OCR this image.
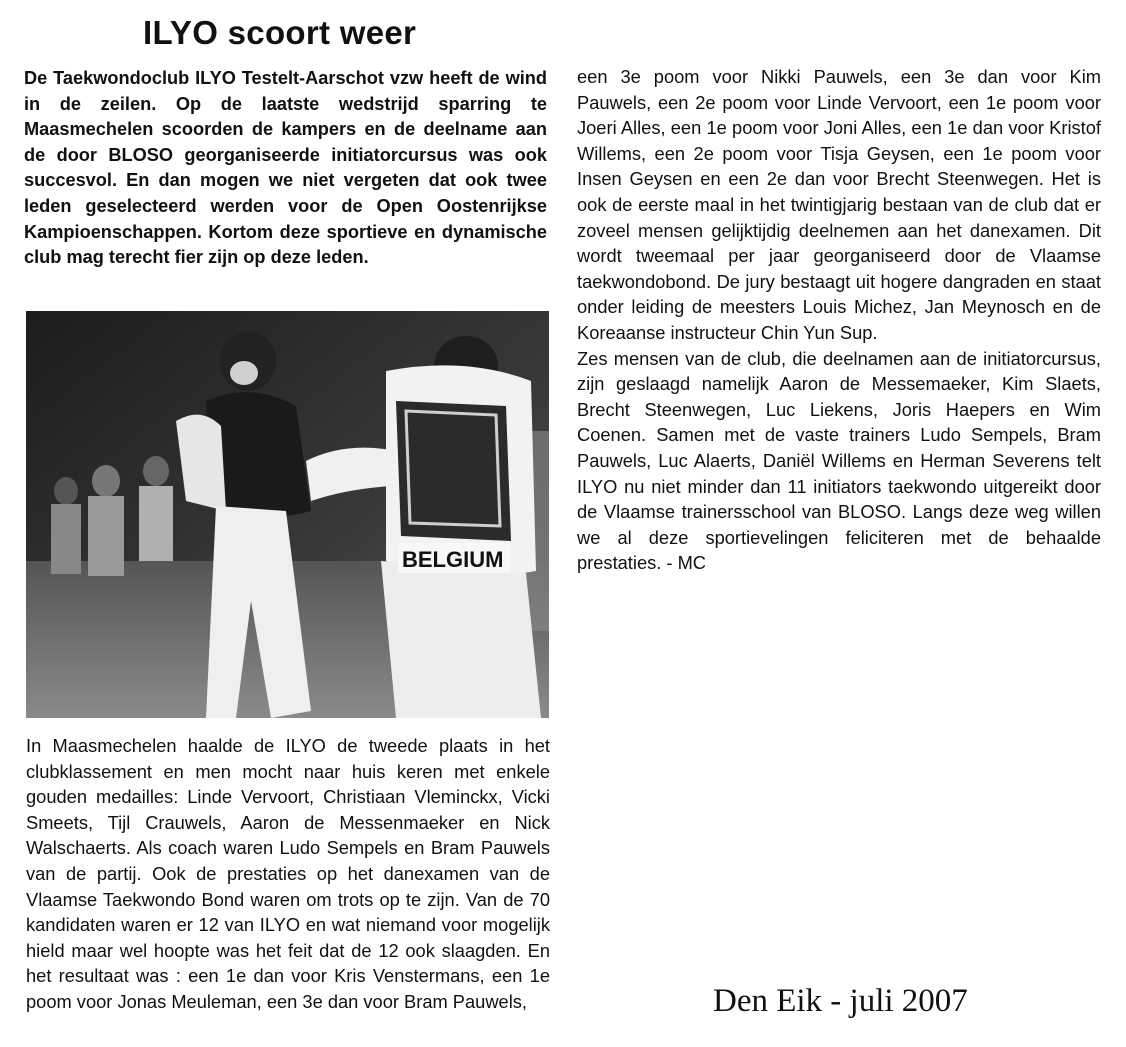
ILYO scoort weer

De Taekwondoclub ILYO Testelt-Aarschot vzw heeft de wind in de zeilen. Op de laatste wedstrijd sparring te Maasmechelen scoorden de kampers en de deelname aan de door BLOSO georganiseerde initiatorcursus was ook succesvol. En dan mogen we niet vergeten dat ook twee leden geselecteerd werden voor de Open Oostenrijkse Kampioenschappen. Kortom deze sportieve en dynamische club mag terecht fier zijn op deze leden.

BELGIUM

In Maasmechelen haalde de ILYO de tweede plaats in het clubklassement en men mocht naar huis keren met enkele gouden medailles: Linde Vervoort, Christiaan Vleminckx, Vicki Smeets, Tijl Crauwels, Aaron de Messenmaeker en Nick Walschaerts. Als coach waren Ludo Sempels en Bram Pauwels van de partij. Ook de prestaties op het danexamen van de Vlaamse Taekwondo Bond waren om trots op te zijn. Van de 70 kandidaten waren er 12 van ILYO en wat niemand voor mogelijk hield maar wel hoopte was het feit dat de 12 ook slaagden. En het resultaat was : een 1e dan voor Kris Venstermans, een 1e poom voor Jonas Meuleman, een 3e dan voor Bram Pauwels,

een 3e poom voor Nikki Pauwels, een 3e dan voor Kim Pauwels, een 2e poom voor Linde Vervoort, een 1e poom voor Joeri Alles, een 1e poom voor Joni Alles, een 1e dan voor Kristof Willems, een 2e poom voor Tisja Geysen, een 1e poom voor Insen Geysen en een 2e dan voor Brecht Steenwegen. Het is ook de eerste maal in het twintigjarig bestaan van de club dat er zoveel mensen gelijktijdig deelnemen aan het danexamen. Dit wordt tweemaal per jaar georganiseerd door de Vlaamse taekwondobond. De jury bestaagt uit hogere dangraden en staat onder leiding de meesters Louis Michez, Jan Meynosch en de Koreaanse instructeur Chin Yun Sup.

Zes mensen van de club, die deelnamen aan de initiatorcursus, zijn geslaagd namelijk Aaron de Messemaeker, Kim Slaets, Brecht Steenwegen, Luc Liekens, Joris Haepers en Wim Coenen. Samen met de vaste trainers Ludo Sempels, Bram Pauwels, Luc Alaerts, Daniël Willems en Herman Severens telt ILYO nu niet minder dan 11 initiators taekwondo uitgereikt door de Vlaamse trainersschool van BLOSO. Langs deze weg willen we al deze sportievelingen feliciteren met de behaalde prestaties. - MC

Den Eik - juli 2007
